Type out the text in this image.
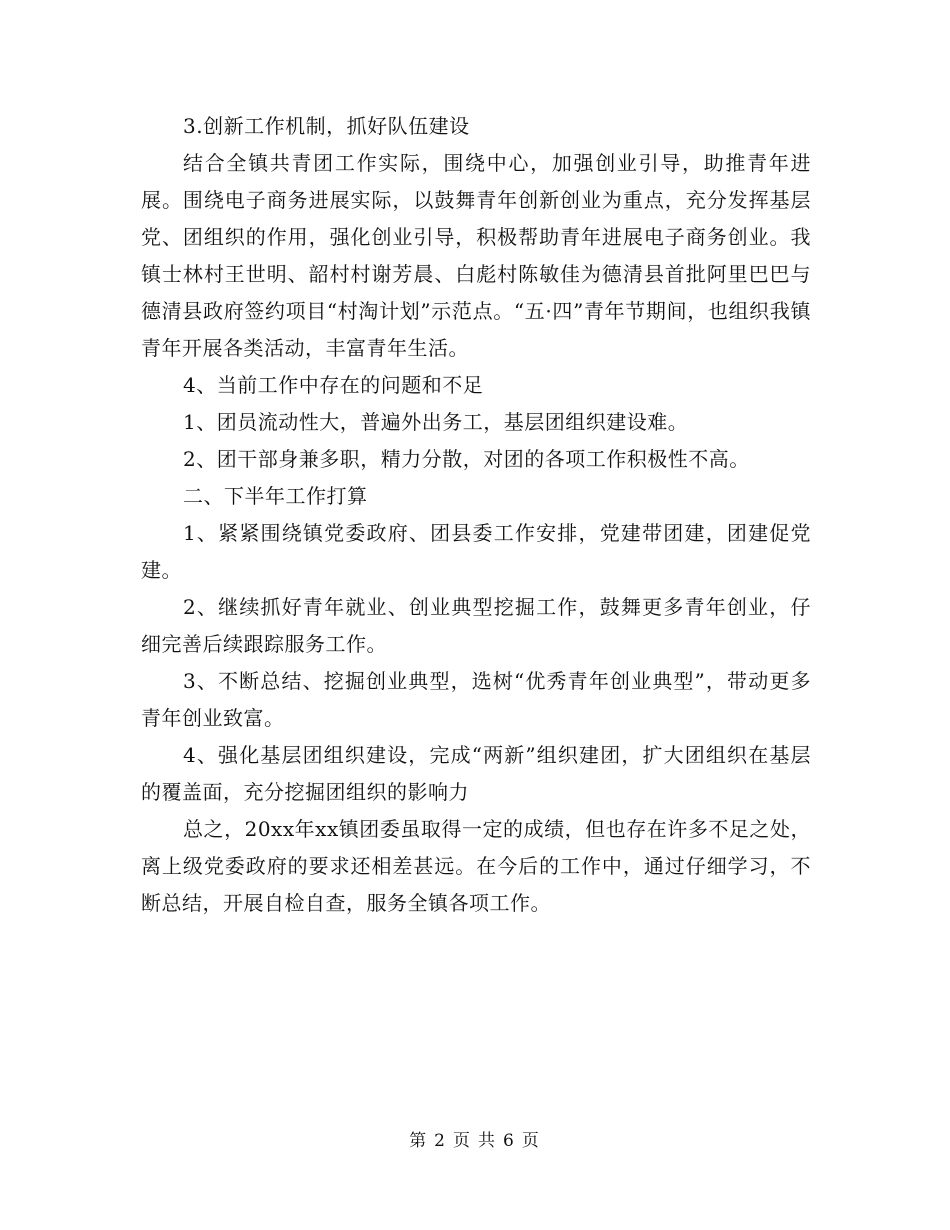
3.创新工作机制，抓好队伍建设

结合全镇共青团工作实际，围绕中心，加强创业引导，助推青年进展。围绕电子商务进展实际，以鼓舞青年创新创业为重点，充分发挥基层党、团组织的作用，强化创业引导，积极帮助青年进展电子商务创业。我镇士林村王世明、韶村村谢芳晨、白彪村陈敏佳为德清县首批阿里巴巴与德清县政府签约项目“村淘计划”示范点。“五·四”青年节期间，也组织我镇青年开展各类活动，丰富青年生活。

4、当前工作中存在的问题和不足

1、团员流动性大，普遍外出务工，基层团组织建设难。

2、团干部身兼多职，精力分散，对团的各项工作积极性不高。

二、下半年工作打算

1、紧紧围绕镇党委政府、团县委工作安排，党建带团建，团建促党建。

2、继续抓好青年就业、创业典型挖掘工作，鼓舞更多青年创业，仔细完善后续跟踪服务工作。

3、不断总结、挖掘创业典型，选树“优秀青年创业典型”，带动更多青年创业致富。

4、强化基层团组织建设，完成“两新”组织建团，扩大团组织在基层的覆盖面，充分挖掘团组织的影响力

总之，20xx年xx镇团委虽取得一定的成绩，但也存在许多不足之处，离上级党委政府的要求还相差甚远。在今后的工作中，通过仔细学习，不断总结，开展自检自查，服务全镇各项工作。

第 2 页 共 6 页
